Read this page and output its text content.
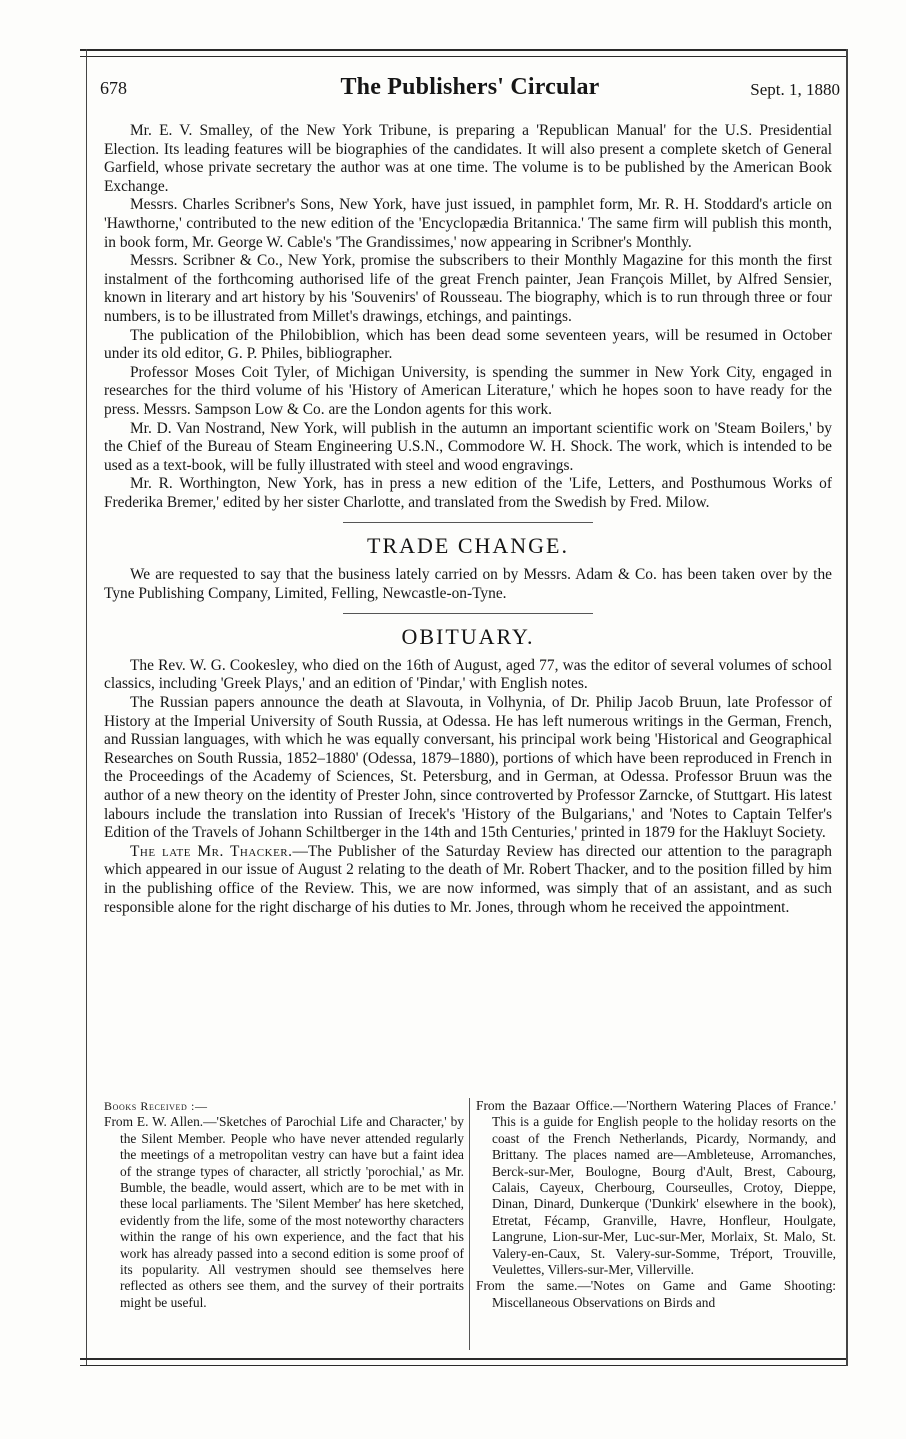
678	The Publishers' Circular	Sept. 1, 1880

Mr. E. V. Smalley, of the New York Tribune, is preparing a 'Republican Manual' for the U.S. Presidential Election. Its leading features will be biographies of the candidates. It will also present a complete sketch of General Garfield, whose private secretary the author was at one time. The volume is to be published by the American Book Exchange.

Messrs. Charles Scribner's Sons, New York, have just issued, in pamphlet form, Mr. R. H. Stoddard's article on 'Hawthorne,' contributed to the new edition of the 'Encyclopædia Britannica.' The same firm will publish this month, in book form, Mr. George W. Cable's 'The Grandissimes,' now appearing in Scribner's Monthly.

Messrs. Scribner & Co., New York, promise the subscribers to their Monthly Magazine for this month the first instalment of the forthcoming authorised life of the great French painter, Jean François Millet, by Alfred Sensier, known in literary and art history by his 'Souvenirs' of Rousseau. The biography, which is to run through three or four numbers, is to be illustrated from Millet's drawings, etchings, and paintings.

The publication of the Philobiblion, which has been dead some seventeen years, will be resumed in October under its old editor, G. P. Philes, bibliographer.

Professor Moses Coit Tyler, of Michigan University, is spending the summer in New York City, engaged in researches for the third volume of his 'History of American Literature,' which he hopes soon to have ready for the press. Messrs. Sampson Low & Co. are the London agents for this work.

Mr. D. Van Nostrand, New York, will publish in the autumn an important scientific work on 'Steam Boilers,' by the Chief of the Bureau of Steam Engineering U.S.N., Commodore W. H. Shock. The work, which is intended to be used as a text-book, will be fully illustrated with steel and wood engravings.

Mr. R. Worthington, New York, has in press a new edition of the 'Life, Letters, and Posthumous Works of Frederika Bremer,' edited by her sister Charlotte, and translated from the Swedish by Fred. Milow.

TRADE CHANGE.

We are requested to say that the business lately carried on by Messrs. Adam & Co. has been taken over by the Tyne Publishing Company, Limited, Felling, Newcastle-on-Tyne.

OBITUARY.

The Rev. W. G. Cookesley, who died on the 16th of August, aged 77, was the editor of several volumes of school classics, including 'Greek Plays,' and an edition of 'Pindar,' with English notes.

The Russian papers announce the death at Slavouta, in Volhynia, of Dr. Philip Jacob Bruun, late Professor of History at the Imperial University of South Russia, at Odessa. He has left numerous writings in the German, French, and Russian languages, with which he was equally conversant, his principal work being 'Historical and Geographical Researches on South Russia, 1852–1880' (Odessa, 1879–1880), portions of which have been reproduced in French in the Proceedings of the Academy of Sciences, St. Petersburg, and in German, at Odessa. Professor Bruun was the author of a new theory on the identity of Prester John, since controverted by Professor Zarncke, of Stuttgart. His latest labours include the translation into Russian of Irecek's 'History of the Bulgarians,' and 'Notes to Captain Telfer's Edition of the Travels of Johann Schiltberger in the 14th and 15th Centuries,' printed in 1879 for the Hakluyt Society.

The late Mr. Thacker.—The Publisher of the Saturday Review has directed our attention to the paragraph which appeared in our issue of August 2 relating to the death of Mr. Robert Thacker, and to the position filled by him in the publishing office of the Review. This, we are now informed, was simply that of an assistant, and as such responsible alone for the right discharge of his duties to Mr. Jones, through whom he received the appointment.

Books Received :—

From E. W. Allen.—'Sketches of Parochial Life and Character,' by the Silent Member. People who have never attended regularly the meetings of a metropolitan vestry can have but a faint idea of the strange types of character, all strictly 'porochial,' as Mr. Bumble, the beadle, would assert, which are to be met with in these local parliaments. The 'Silent Member' has here sketched, evidently from the life, some of the most noteworthy characters within the range of his own experience, and the fact that his work has already passed into a second edition is some proof of its popularity. All vestrymen should see themselves here reflected as others see them, and the survey of their portraits might be useful.

From the Bazaar Office.—'Northern Watering Places of France.' This is a guide for English people to the holiday resorts on the coast of the French Netherlands, Picardy, Normandy, and Brittany. The places named are—Ambleteuse, Arromanches, Berck-sur-Mer, Boulogne, Bourg d'Ault, Brest, Cabourg, Calais, Cayeux, Cherbourg, Courseulles, Crotoy, Dieppe, Dinan, Dinard, Dunkerque ('Dunkirk' elsewhere in the book), Etretat, Fécamp, Granville, Havre, Honfleur, Houlgate, Langrune, Lion-sur-Mer, Luc-sur-Mer, Morlaix, St. Malo, St. Valery-en-Caux, St. Valery-sur-Somme, Tréport, Trouville, Veulettes, Villers-sur-Mer, Villerville.

From the same.—'Notes on Game and Game Shooting: Miscellaneous Observations on Birds and
